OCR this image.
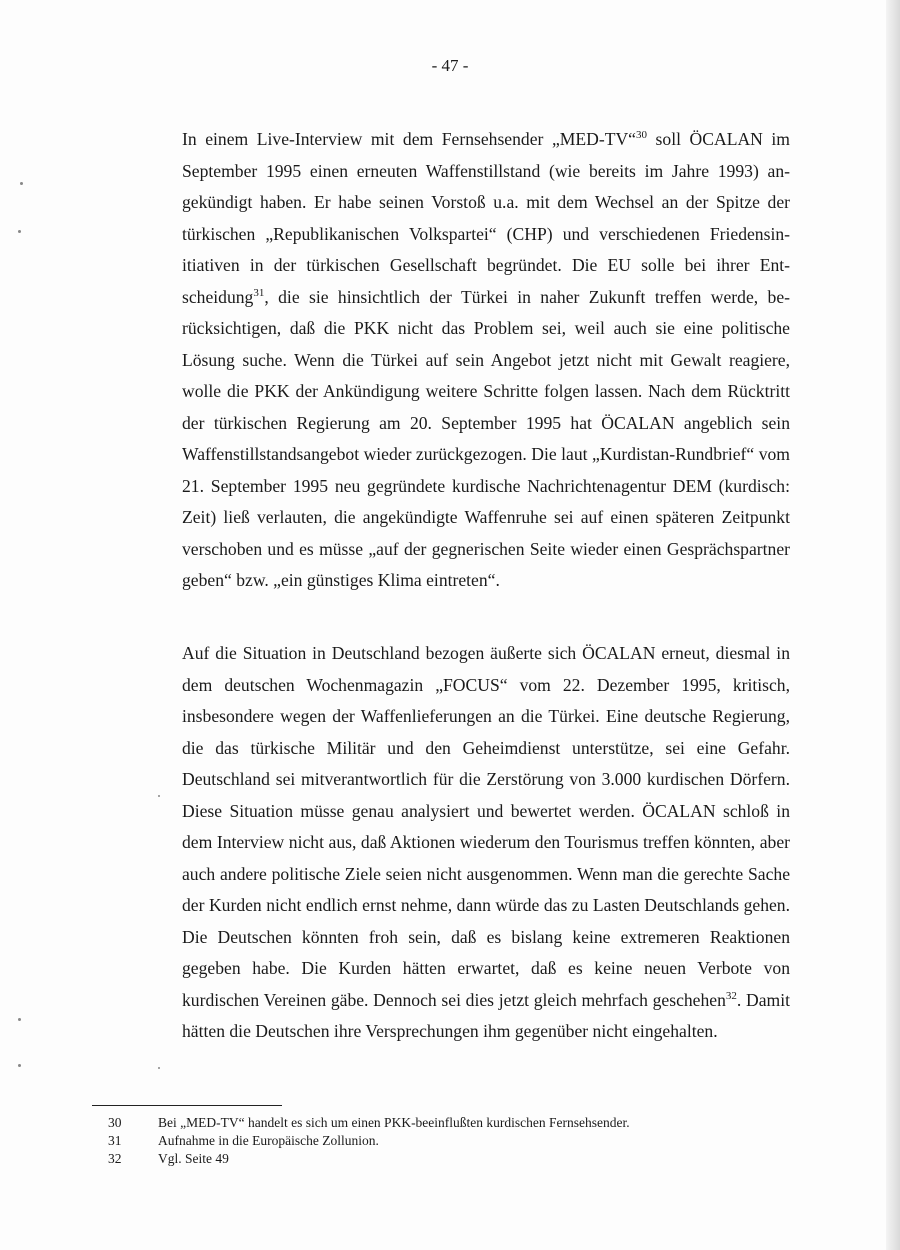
- 47 -

In einem Live-Interview mit dem Fernsehsender „MED-TV“$^{30}$ soll ÖCALAN im September 1995 einen erneuten Waffenstillstand (wie bereits im Jahre 1993) angekündigt haben. Er habe seinen Vorstoß u.a. mit dem Wechsel an der Spitze der türkischen „Republikanischen Volkspartei“ (CHP) und verschiedenen Friedensinitiativen in der türkischen Gesellschaft begründet. Die EU solle bei ihrer Entscheidung$^{31}$, die sie hinsichtlich der Türkei in naher Zukunft treffen werde, berücksichtigen, daß die PKK nicht das Problem sei, weil auch sie eine politische Lösung suche. Wenn die Türkei auf sein Angebot jetzt nicht mit Gewalt reagiere, wolle die PKK der Ankündigung weitere Schritte folgen lassen. Nach dem Rücktritt der türkischen Regierung am 20. September 1995 hat ÖCALAN angeblich sein Waffenstillstandsangebot wieder zurückgezogen. Die laut „Kurdistan-Rundbrief“ vom 21. September 1995 neu gegründete kurdische Nachrichtenagentur DEM (kurdisch: Zeit) ließ verlauten, die angekündigte Waffenruhe sei auf einen späteren Zeitpunkt verschoben und es müsse „auf der gegnerischen Seite wieder einen Gesprächspartner geben“ bzw. „ein günstiges Klima eintreten“.

Auf die Situation in Deutschland bezogen äußerte sich ÖCALAN erneut, diesmal in dem deutschen Wochenmagazin „FOCUS“ vom 22. Dezember 1995, kritisch, insbesondere wegen der Waffenlieferungen an die Türkei. Eine deutsche Regierung, die das türkische Militär und den Geheimdienst unterstütze, sei eine Gefahr. Deutschland sei mitverantwortlich für die Zerstörung von 3.000 kurdischen Dörfern. Diese Situation müsse genau analysiert und bewertet werden. ÖCALAN schloß in dem Interview nicht aus, daß Aktionen wiederum den Tourismus treffen könnten, aber auch andere politische Ziele seien nicht ausgenommen. Wenn man die gerechte Sache der Kurden nicht endlich ernst nehme, dann würde das zu Lasten Deutschlands gehen. Die Deutschen könnten froh sein, daß es bislang keine extremeren Reaktionen gegeben habe. Die Kurden hätten erwartet, daß es keine neuen Verbote von kurdischen Vereinen gäbe. Dennoch sei dies jetzt gleich mehrfach geschehen$^{32}$. Damit hätten die Deutschen ihre Versprechungen ihm gegenüber nicht eingehalten.

30	Bei „MED-TV“ handelt es sich um einen PKK-beeinflußten kurdischen Fernsehsender.
31	Aufnahme in die Europäische Zollunion.
32	Vgl. Seite 49
